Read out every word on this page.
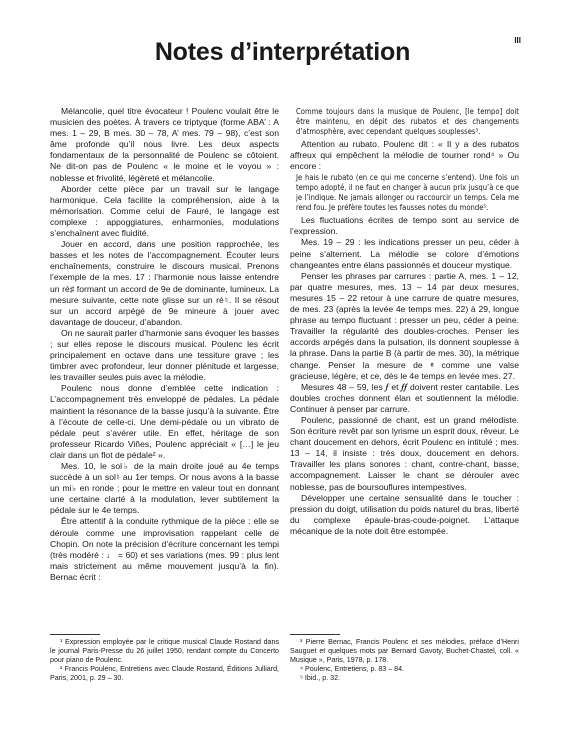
Notes d’interprétation	III

Mélancolie, quel titre évocateur ! Poulenc voulait être le musicien des poètes. À travers ce triptyque (forme ABA’ : A mes. 1 – 29, B mes. 30 – 78, A’ mes. 79 – 98), c’est son âme profonde qu’il nous livre. Les deux aspects fondamentaux de la personnalité de Poulenc se côtoient. Ne dit-on pas de Poulenc « le moine et le voyou » : noblesse et frivolité, légèreté et mélancolie.

Aborder cette pièce par un travail sur le langage harmonique. Cela facilite la compréhension, aide à la mémorisation. Comme celui de Fauré, le langage est complexe : appoggiatures, enharmonies, modulations s’enchaînent avec fluidité.

Jouer en accord, dans une position rapprochée, les basses et les notes de l’accompagnement. Écouter leurs enchaînements, construire le discours musical. Prenons l’exemple de la mes. 17 : l’harmonie nous laisse entendre un ré♯ formant un accord de 9e de dominante, lumineux. La mesure suivante, cette note glisse sur un ré♮. Il se résout sur un accord arpégé de 9e mineure à jouer avec davantage de douceur, d’abandon.

On ne saurait parler d’harmonie sans évoquer les basses ; sur elles repose le discours musical. Poulenc les écrit principalement en octave dans une tessiture grave ; les timbrer avec profondeur, leur donner plénitude et largesse, les travailler seules puis avec la mélodie.

Poulenc nous donne d’emblée cette indication : L’accompagnement très enveloppé de pédales. La pédale maintient la résonance de la basse jusqu’à la suivante. Être à l’écoute de celle-ci. Une demi-pédale ou un vibrato de pédale peut s’avérer utile. En effet, héritage de son professeur Ricardo Viñes, Poulenc appréciait « […] le jeu clair dans un flot de pédale² ».

Mes. 10, le sol♭ de la main droite joué au 4e temps succède à un sol♮ au 1er temps. Or nous avons à la basse un mi♭ en ronde ; pour le mettre en valeur tout en donnant une certaine clarté à la modulation, lever subtilement la pédale sur le 4e temps.

Être attentif à la conduite rythmique de la pièce : elle se déroule comme une improvisation rappelant celle de Chopin. On note la précision d’écriture concernant les tempi (très modéré : ♩ = 60) et ses variations (mes. 99 : plus lent mais strictement au même mouvement jusqu’à la fin). Bernac écrit :

Comme toujours dans la musique de Poulenc, [le tempo] doit être maintenu, en dépit des rubatos et des changements d’atmosphère, avec cependant quelques souplesses³.

Attention au rubato. Poulenc dit : « Il y a des rubatos affreux qui empêchent la mélodie de tourner rond⁴ » Ou encore :

Je hais le rubato (en ce qui me concerne s’entend). Une fois un tempo adopté, il ne faut en changer à aucun prix jusqu’à ce que je l’indique. Ne jamais allonger ou raccourcir un temps. Cela me rend fou. Je préfère toutes les fausses notes du monde⁵.

Les fluctuations écrites de tempo sont au service de l’expression.

Mes. 19 – 29 : les indications presser un peu, céder à peine s’alternent. La mélodie se colore d’émotions changeantes entre élans passionnés et douceur mystique.

Penser les phrases par carrures : partie A, mes. 1 – 12, par quatre mesures, mes. 13 – 14 par deux mesures, mesures 15 – 22 retour à une carrure de quatre mesures, de mes. 23 (après la levée 4e temps mes. 22) à 29, longue phrase au tempo fluctuant : presser un peu, céder à peine. Travailler la régularité des doubles-croches. Penser les accords arpégés dans la pulsation, ils donnent souplesse à la phrase. Dans la partie B (à partir de mes. 30), la métrique change. Penser la mesure de 𝄵 comme une valse gracieuse, légère, et ce, dès le 4e temps en levée mes. 27.

Mesures 48 – 59, les 𝆑 et 𝆑𝆑 doivent rester cantabile. Les doubles croches donnent élan et soutiennent la mélodie. Continuer à penser par carrure.

Poulenc, passionné de chant, est un grand mélodiste. Son écriture revêt par son lyrisme un esprit doux, rêveur. Le chant doucement en dehors, écrit Poulenc en intitulé ; mes. 13 – 14, il insiste : très doux, doucement en dehors. Travailler les plans sonores : chant, contre-chant, basse, accompagnement. Laisser le chant se dérouler avec noblesse, pas de boursouflures intempestives.

Développer une certaine sensualité dans le toucher : pression du doigt, utilisation du poids naturel du bras, liberté du complexe épaule-bras-coude-poignet. L’attaque mécanique de la note doit être estompée.

¹ Expression employée par le critique musical Claude Rostand dans le journal Paris-Presse du 26 juillet 1950, rendant compte du Concerto pour piano de Poulenc.

² Francis Poulenc, Entretiens avec Claude Rostand, Éditions Julliard, Paris, 2001, p. 29 – 30.

³ Pierre Bernac, Francis Poulenc et ses mélodies, préface d’Henri Sauguet et quelques mots par Bernard Gavoty, Buchet-Chastel, coll. « Musique », Paris, 1978, p. 178.

⁴ Poulenc, Entretiens, p. 83 – 84.

⁵ Ibid., p. 32.
